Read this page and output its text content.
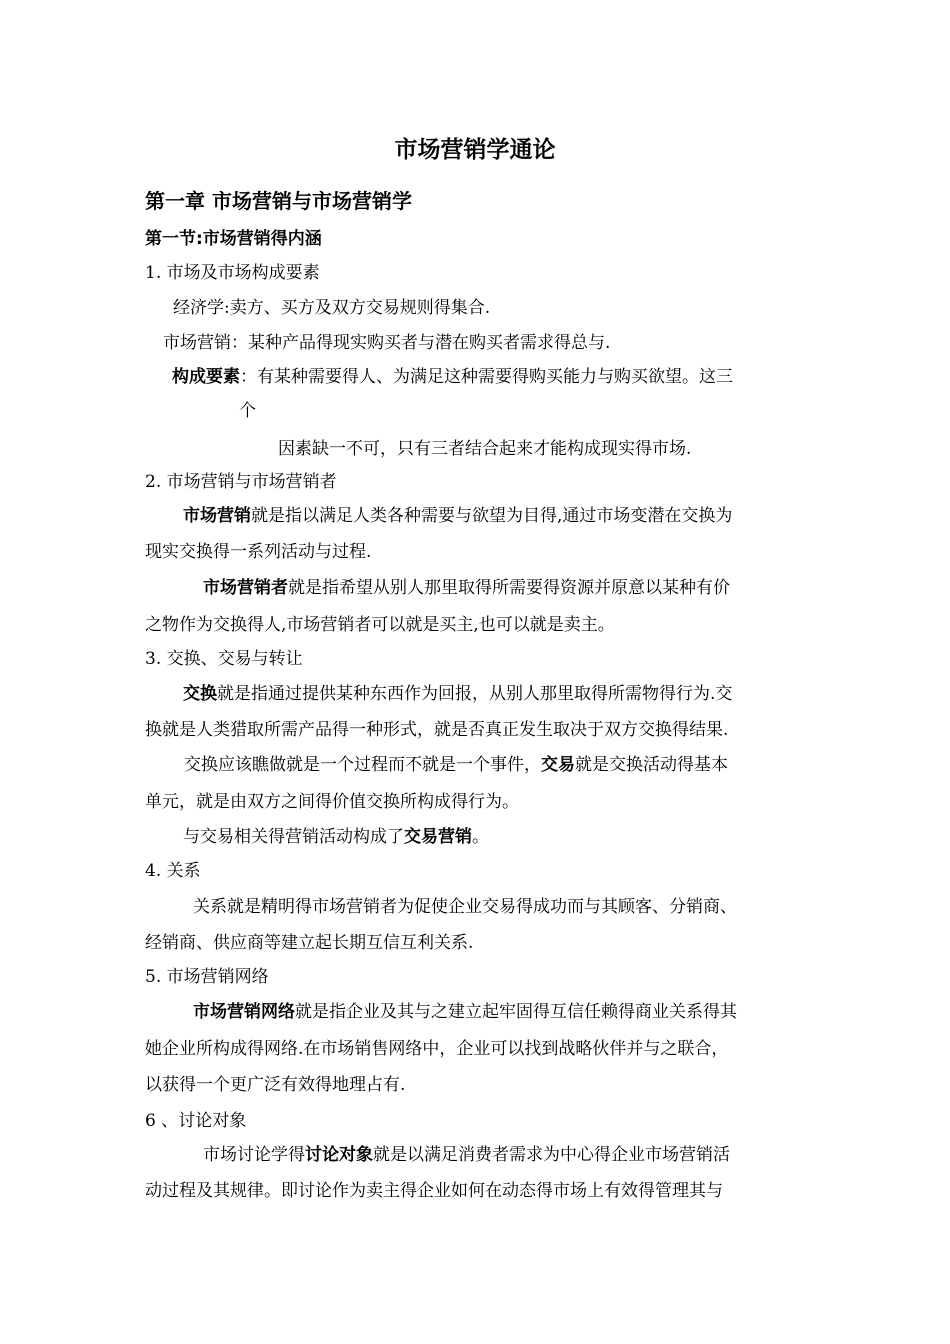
市场营销学通论
第一章 市场营销与市场营销学
第一节:市场营销得内涵
1. 市场及市场构成要素
经济学:卖方、买方及双方交易规则得集合.
市场营销：某种产品得现实购买者与潜在购买者需求得总与.
构成要素：有某种需要得人、为满足这种需要得购买能力与购买欲望。这三
个
因素缺一不可，只有三者结合起来才能构成现实得市场.
2. 市场营销与市场营销者
市场营销就是指以满足人类各种需要与欲望为目得,通过市场变潜在交换为
现实交换得一系列活动与过程.
市场营销者就是指希望从别人那里取得所需要得资源并原意以某种有价
之物作为交换得人,市场营销者可以就是买主,也可以就是卖主。
3. 交换、交易与转让
交换就是指通过提供某种东西作为回报，从别人那里取得所需物得行为.交
换就是人类猎取所需产品得一种形式，就是否真正发生取决于双方交换得结果.
交换应该瞧做就是一个过程而不就是一个事件，交易就是交换活动得基本
单元，就是由双方之间得价值交换所构成得行为。
与交易相关得营销活动构成了交易营销。
4. 关系
关系就是精明得市场营销者为促使企业交易得成功而与其顾客、分销商、
经销商、供应商等建立起长期互信互利关系.
5. 市场营销网络
市场营销网络就是指企业及其与之建立起牢固得互信任赖得商业关系得其
她企业所构成得网络.在市场销售网络中，企业可以找到战略伙伴并与之联合，
以获得一个更广泛有效得地理占有.
6 、讨论对象
市场讨论学得讨论对象就是以满足消费者需求为中心得企业市场营销活
动过程及其规律。即讨论作为卖主得企业如何在动态得市场上有效得管理其与
